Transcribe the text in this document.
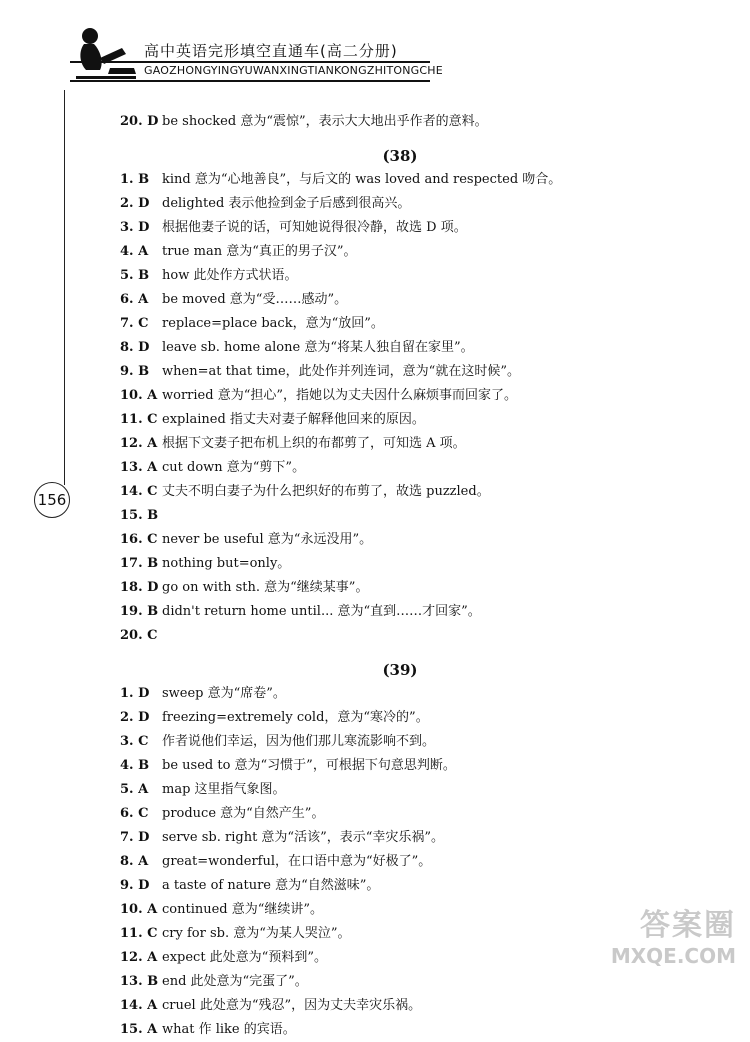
高中英语完形填空直通车(高二分册)
GAOZHONGYINGYUWANXINGTIANKONGZHITONGCHE
156
20. D be shocked 意为“震惊”，表示大大地出乎作者的意料。
(38)
1. B kind 意为“心地善良”，与后文的 was loved and respected 吻合。
2. D delighted 表示他捡到金子后感到很高兴。
3. D 根据他妻子说的话，可知她说得很冷静，故选 D 项。
4. A true man 意为“真正的男子汉”。
5. B how 此处作方式状语。
6. A be moved 意为“受……感动”。
7. C replace=place back，意为“放回”。
8. D leave sb. home alone 意为“将某人独自留在家里”。
9. B when=at that time，此处作并列连词，意为“就在这时候”。
10. A worried 意为“担心”，指她以为丈夫因什么麻烦事而回家了。
11. C explained 指丈夫对妻子解释他回来的原因。
12. A 根据下文妻子把布机上织的布都剪了，可知选 A 项。
13. A cut down 意为“剪下”。
14. C 丈夫不明白妻子为什么把织好的布剪了，故选 puzzled。
15. B
16. C never be useful 意为“永远没用”。
17. B nothing but=only。
18. D go on with sth. 意为“继续某事”。
19. B didn't return home until... 意为“直到……才回家”。
20. C
(39)
1. D sweep 意为“席卷”。
2. D freezing=extremely cold，意为“寒冷的”。
3. C 作者说他们幸运，因为他们那儿寒流影响不到。
4. B be used to 意为“习惯于”，可根据下句意思判断。
5. A map 这里指气象图。
6. C produce 意为“自然产生”。
7. D serve sb. right 意为“活该”，表示“幸灾乐祸”。
8. A great=wonderful，在口语中意为“好极了”。
9. D a taste of nature 意为“自然滋味”。
10. A continued 意为“继续讲”。
11. C cry for sb. 意为“为某人哭泣”。
12. A expect 此处意为“预料到”。
13. B end 此处意为“完蛋了”。
14. A cruel 此处意为“残忍”，因为丈夫幸灾乐祸。
15. A what 作 like 的宾语。
答案圈
MXQE.COM
